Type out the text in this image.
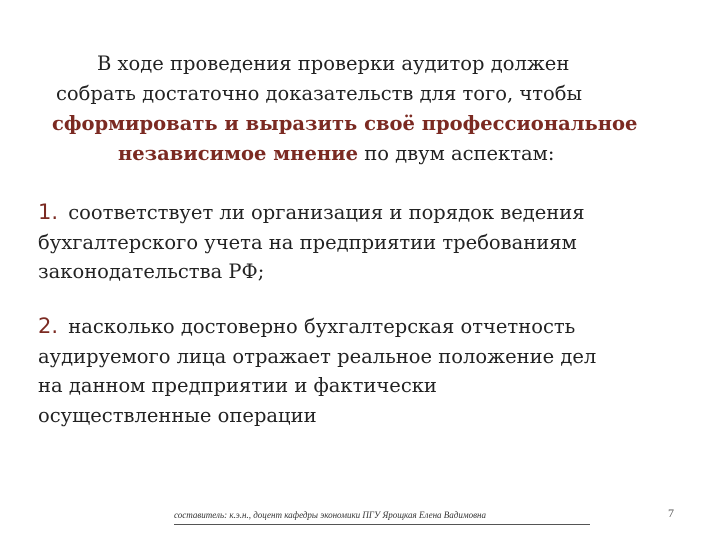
В ходе проведения проверки аудитор должен
собрать достаточно доказательств для того, чтобы
сформировать и выразить своё профессиональное
независимое мнение по двум аспектам:
1. соответствует ли организация и порядок ведения
бухгалтерского учета на предприятии требованиям
законодательства РФ;
2. насколько достоверно бухгалтерская отчетность
аудируемого лица отражает реальное положение дел
на данном предприятии и фактически
осуществленные операции
составитель: к.э.н., доцент кафедры экономики ПГУ Ярощкая Елена Вадимовна	7
